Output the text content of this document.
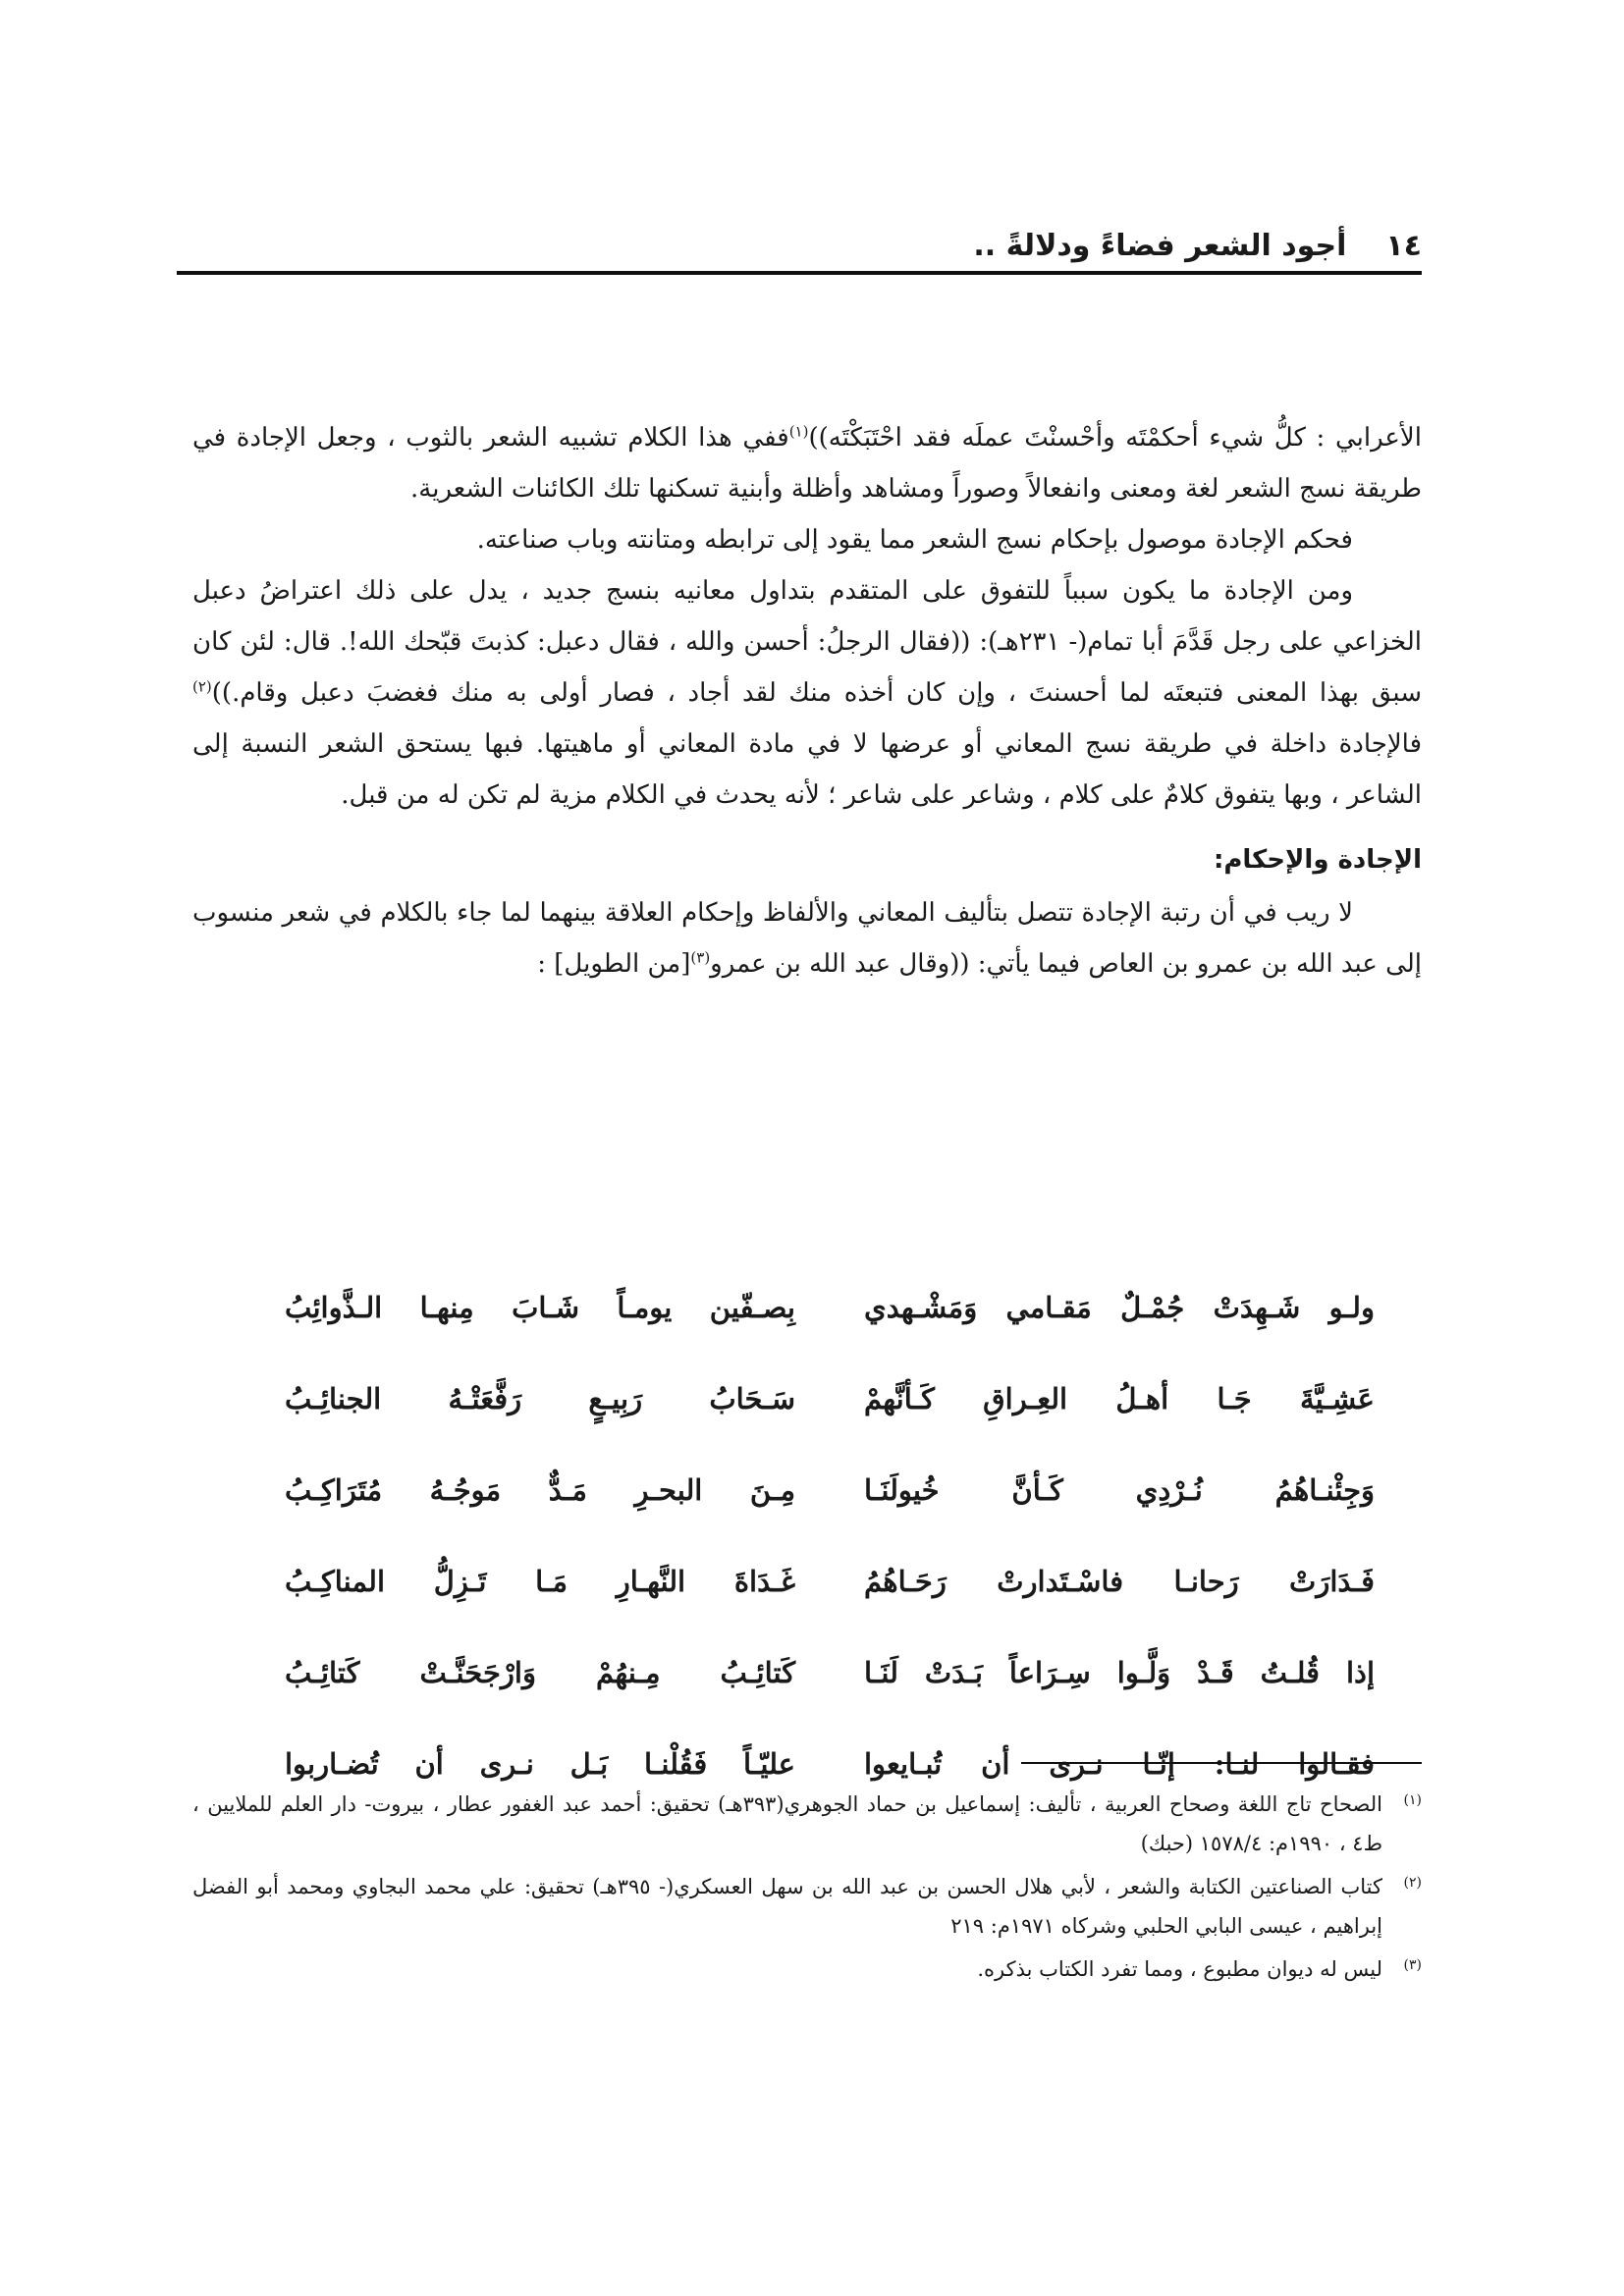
١٤
أجود الشعر فضاءً ودلالةً ..

الأعرابي : كلُّ شيء أحكمْتَه وأحْسنْتَ عملَه فقد احْتَبَكْتَه))$^{(١)}$ففي هذا الكلام تشبيه الشعر بالثوب ، وجعل الإجادة في طريقة نسج الشعر لغة ومعنى وانفعالاً وصوراً ومشاهد وأظلة وأبنية تسكنها تلك الكائنات الشعرية.

فحكم الإجادة موصول بإحكام نسج الشعر مما يقود إلى ترابطه ومتانته وباب صناعته.

ومن الإجادة ما يكون سبباً للتفوق على المتقدم بتداول معانيه بنسج جديد ، يدل على ذلك اعتراضُ دعبل الخزاعي على رجل قَدَّمَ أبا تمام(- ٢٣١هـ): ((فقال الرجلُ: أحسن والله ، فقال دعبل: كذبتَ قبّحك الله!. قال: لئن كان سبق بهذا المعنى فتبعتَه لما أحسنتَ ، وإن كان أخذه منك لقد أجاد ، فصار أولى به منك فغضبَ دعبل وقام.))$^{(٢)}$ فالإجادة داخلة في طريقة نسج المعاني أو عرضها لا في مادة المعاني أو ماهيتها. فبها يستحق الشعر النسبة إلى الشاعر ، وبها يتفوق كلامٌ على كلام ، وشاعر على شاعر ؛ لأنه يحدث في الكلام مزية لم تكن له من قبل.

الإجادة والإحكام:

لا ريب في أن رتبة الإجادة تتصل بتأليف المعاني والألفاظ وإحكام العلاقة بينهما لما جاء بالكلام في شعر منسوب إلى عبد الله بن عمرو بن العاص فيما يأتي: ((وقال عبد الله بن عمرو$^{(٣)}$[من الطويل] :

ولـو شَـهِدَتْ جُمْـلٌ مَقـامي وَمَشْـهدي
بِصـفّين يومـاً شَـابَ مِنهـا الـذَّوائِبُ
عَشِـيَّةَ جَـا أهـلُ العِـراقِ كَـأنَّهمْ
سَـحَابُ رَبِيـعٍ رَفَّعَتْـهُ الجنائِـبُ
وَجِئْنـاهُمُ نُـرْدِي كَـأنَّ خُيولَنَـا
مِـنَ البحـرِ مَـدٌّ مَوجُـهُ مُتَرَاكِـبُ
فَـدَارَتْ رَحانـا فاسْـتَدارتْ رَحَـاهُمُ
غَـدَاةَ النَّهـارِ مَـا تَـزِلُّ المناكِـبُ
إذا قُلـتُ قَـدْ وَلَّـوا سِـرَاعاً بَـدَتْ لَنَـا
كَتائِـبُ مِـنهُمْ وَارْجَحَنَّـتْ كَتائِـبُ
فقـالوا لنـا: إنّـا نـرى أن تُبـايعوا
عليّـاً فَقُلْنـا بَـل نـرى أن تُضـاربوا

(١)
الصحاح تاج اللغة وصحاح العربية ، تأليف: إسماعيل بن حماد الجوهري(٣٩٣هـ) تحقيق: أحمد عبد الغفور عطار ، بيروت- دار العلم للملايين ، ط٤ ، ١٩٩٠م: ١٥٧٨/٤ (حبك)

(٢)
كتاب الصناعتين الكتابة والشعر ، لأبي هلال الحسن بن عبد الله بن سهل العسكري(- ٣٩٥هـ) تحقيق: علي محمد البجاوي ومحمد أبو الفضل إبراهيم ، عيسى البابي الحلبي وشركاه ١٩٧١م: ٢١٩

(٣)
ليس له ديوان مطبوع ، ومما تفرد الكتاب بذكره.
